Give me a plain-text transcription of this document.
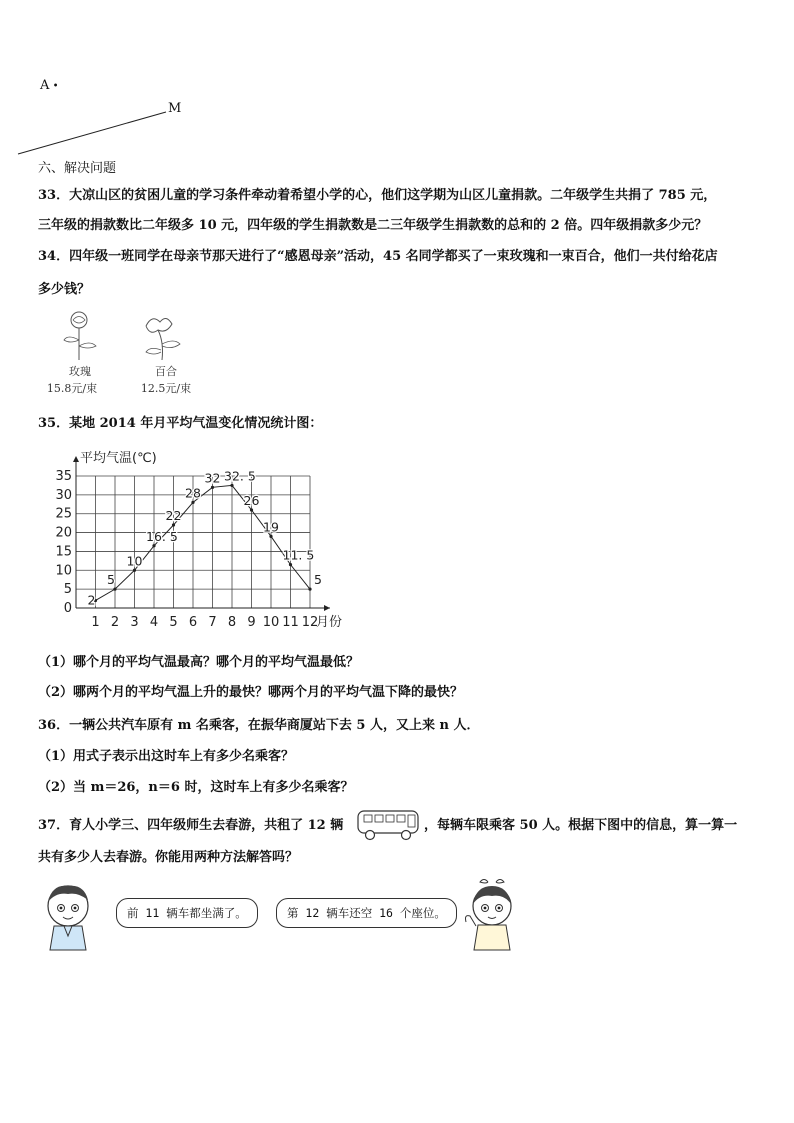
A •
M
六、解决问题
33．大凉山区的贫困儿童的学习条件牵动着希望小学的心，他们这学期为山区儿童捐款。二年级学生共捐了 785 元，
三年级的捐款数比二年级多 10 元，四年级的学生捐款数是二三年级学生捐款数的总和的 2 倍。四年级捐款多少元？
34．四年级一班同学在母亲节那天进行了“感恩母亲”活动，45 名同学都买了一束玫瑰和一束百合，他们一共付给花店
多少钱？
玫瑰
15.8元/束
百合
12.5元/束
35．某地 2014 年月平均气温变化情况统计图：
平均气温(℃)
0
5
10
15
20
25
30
35
1 2 3 4 5 6 7 8 9 10 11 12
月份
2
5
10
16. 5
22
28
32 32. 5
26
19
11. 5
5
（1）哪个月的平均气温最高？哪个月的平均气温最低？
（2）哪两个月的平均气温上升的最快？哪两个月的平均气温下降的最快？
36．一辆公共汽车原有 m 名乘客，在振华商厦站下去 5 人，又上来 n 人．
（1）用式子表示出这时车上有多少名乘客？
（2）当 m＝26，n＝6 时，这时车上有多少名乘客？
37．育人小学三、四年级师生去春游，共租了 12 辆	，每辆车限乘客 50 人。根据下图中的信息，算一算一
共有多少人去春游。你能用两种方法解答吗？
前 11 辆车都坐满了。	第 12 辆车还空 16 个座位。
